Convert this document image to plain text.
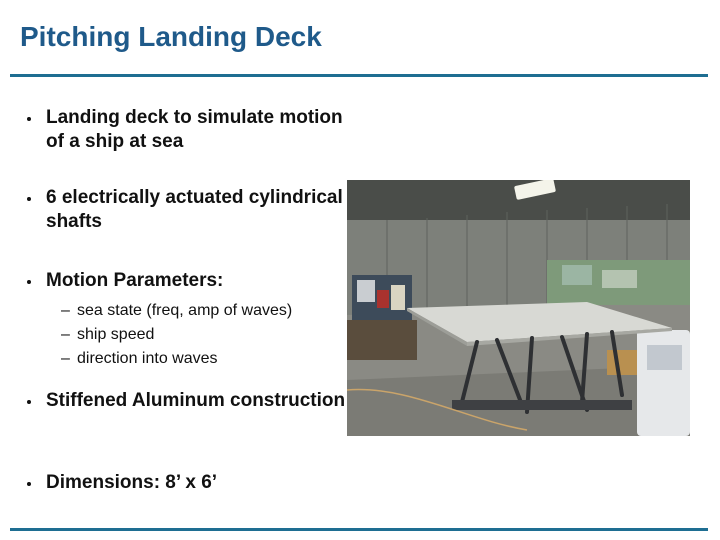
Pitching Landing Deck
Landing deck to simulate motion of a ship at sea
6 electrically actuated cylindrical shafts
Motion Parameters:
– sea state (freq, amp of waves)
– ship speed
– direction into waves
Stiffened Aluminum construction
Dimensions: 8’ x 6’
